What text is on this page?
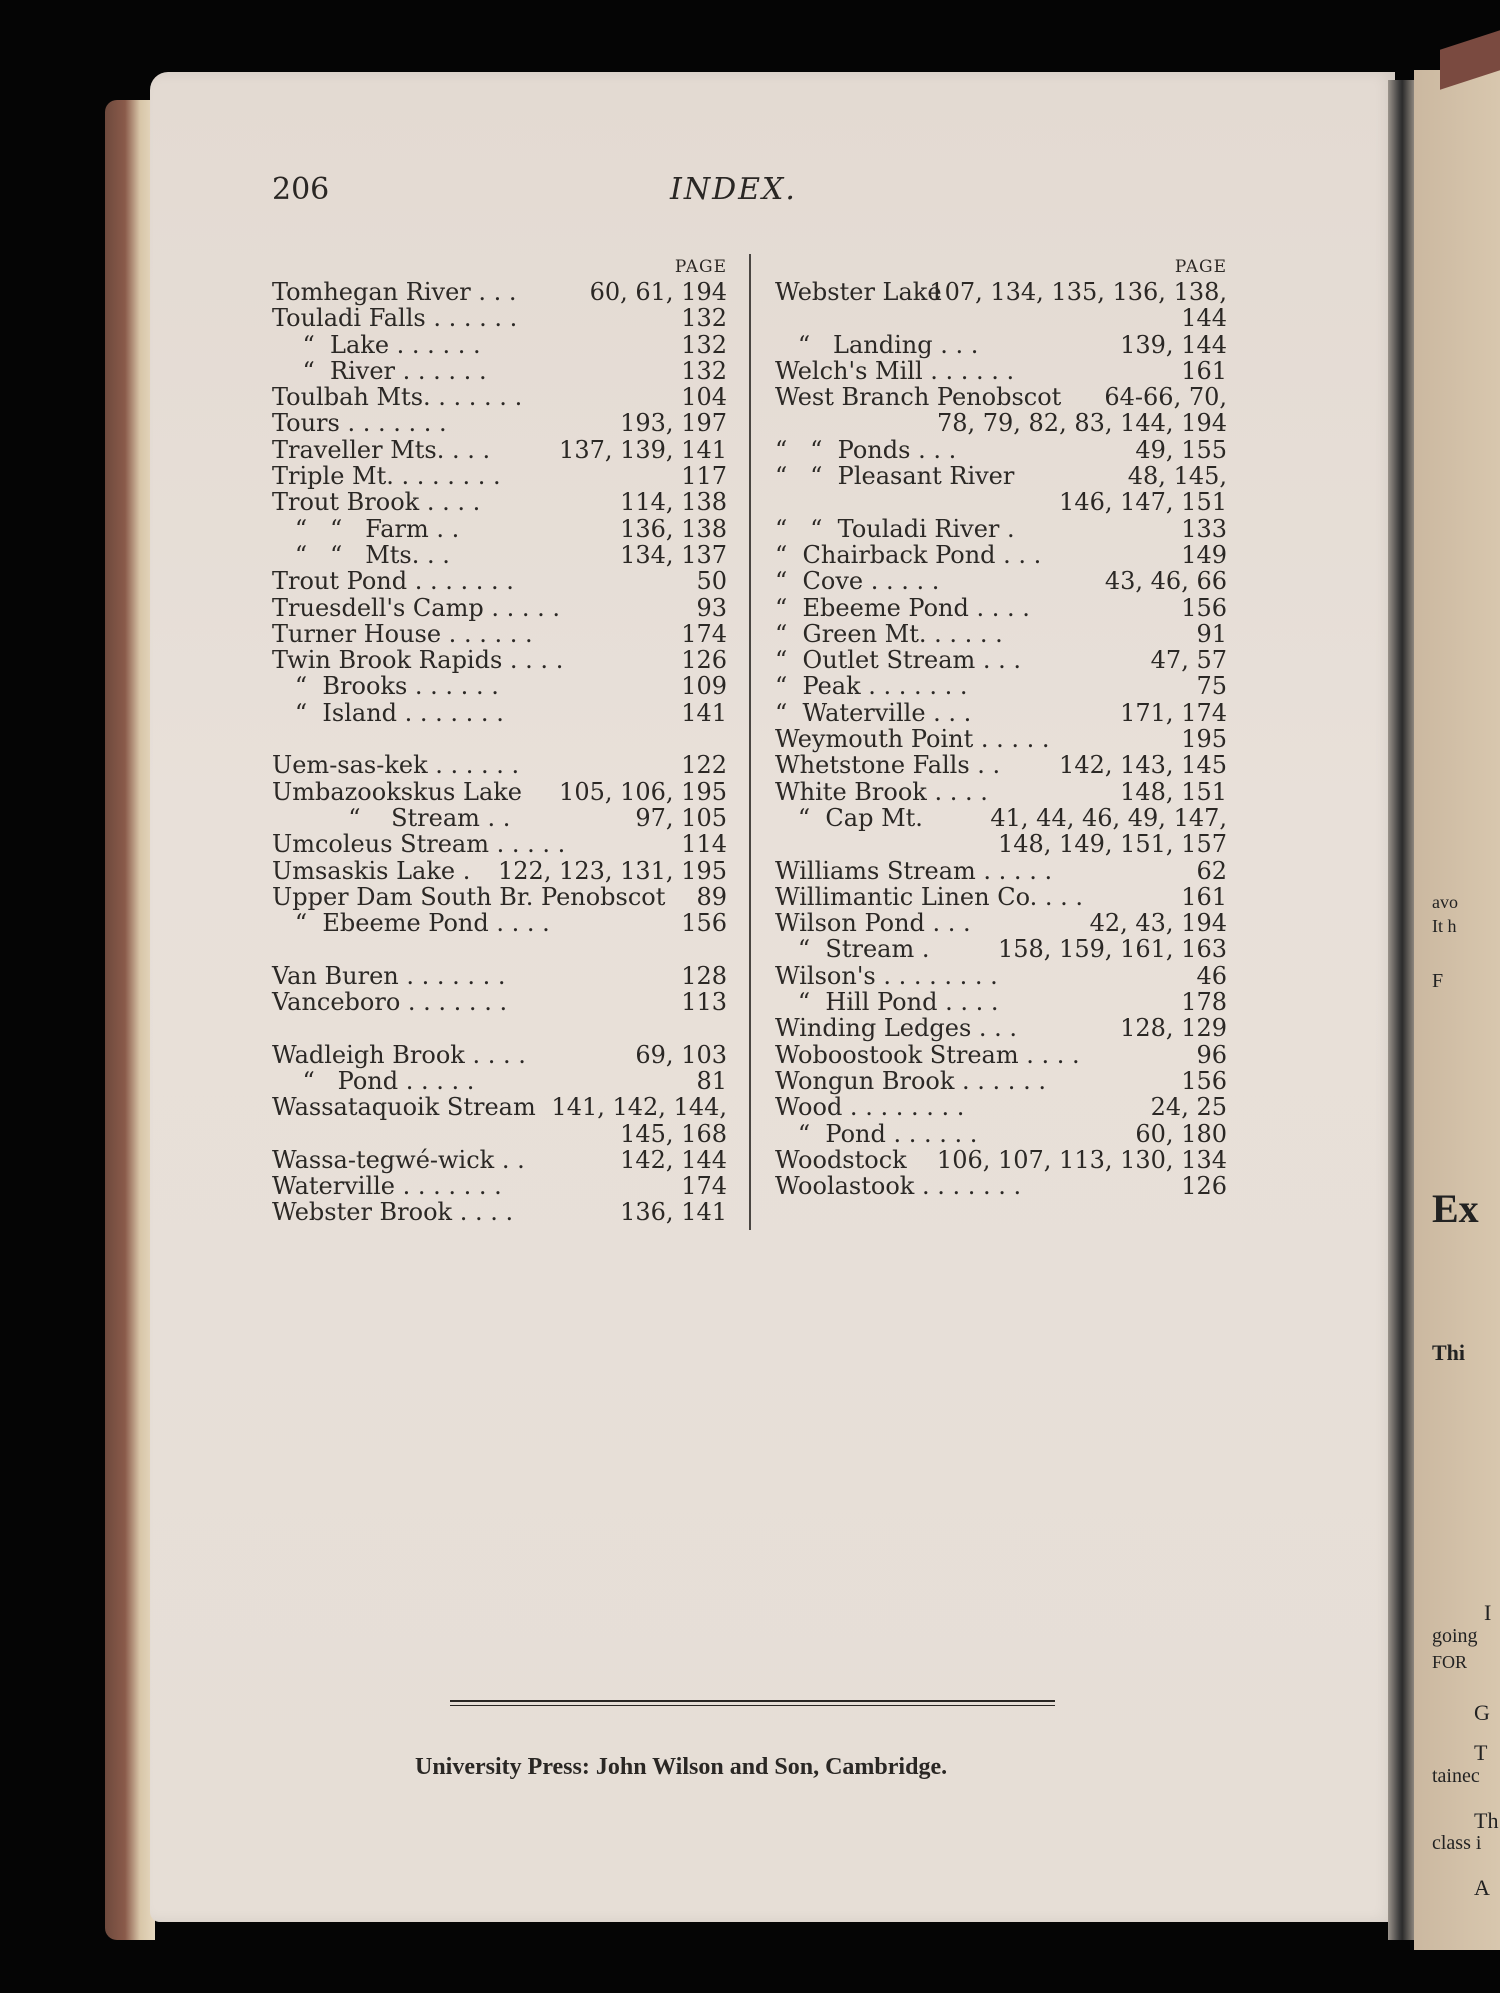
avo
It h
F
Ex
Thi
I
going
FOR
G
T
tainec
Th
class i
A
206	INDEX.
PAGE
Tomhegan River . . .	60, 61, 194
Touladi Falls . . . . . .	132
“  Lake . . . . . .	132
“  River . . . . . .	132
Toulbah Mts. . . . . . .	104
Tours . . . . . . .	193, 197
Traveller Mts. . . .	137, 139, 141
Triple Mt. . . . . . . .	117
Trout Brook . . . .	114, 138
“   “   Farm . .	136, 138
“   “   Mts. . .	134, 137
Trout Pond . . . . . . .	50
Truesdell's Camp . . . . .	93
Turner House . . . . . .	174
Twin Brook Rapids . . . .	126
“  Brooks . . . . . .	109
“  Island . . . . . . .	141
Uem-sas-kek . . . . . .	122
Umbazookskus Lake 105, 106, 195
“    Stream . .	97, 105
Umcoleus Stream . . . . .	114
Umsaskis Lake . 122, 123, 131, 195
Upper Dam South Br. Penobscot 89
“  Ebeeme Pond . . . .	156
Van Buren . . . . . . .	128
Vanceboro . . . . . . .	113
Wadleigh Brook . . . .	69, 103
“   Pond . . . . .	81
Wassataquoik Stream 141, 142, 144,
145, 168
Wassa-tegwé-wick . .	142, 144
Waterville . . . . . . .	174
Webster Brook . . . .	136, 141
PAGE
Webster Lake
107, 134, 135, 136, 138,
144
“   Landing . . .	139, 144
Welch's Mill . . . . . .	161
West Branch Penobscot 64-66, 70,
78, 79, 82, 83, 144, 194
“   “  Ponds . . .	49, 155
“   “  Pleasant River	48, 145,
146, 147, 151
“   “  Touladi River .	133
“  Chairback Pond . . .	149
“  Cove . . . . .	43, 46, 66
“  Ebeeme Pond . . . .	156
“  Green Mt. . . . . .	91
“  Outlet Stream . . .	47, 57
“  Peak . . . . . . .	75
“  Waterville . . .	171, 174
Weymouth Point . . . . .	195
Whetstone Falls . . 142, 143, 145
White Brook . . . .	148, 151
“  Cap Mt.	41, 44, 46, 49, 147,
148, 149, 151, 157
Williams Stream . . . . .	62
Willimantic Linen Co. . . .	161
Wilson Pond . . .	42, 43, 194
“  Stream .	158, 159, 161, 163
Wilson's . . . . . . . .	46
“  Hill Pond . . . .	178
Winding Ledges . . .	128, 129
Woboostook Stream . . . .	96
Wongun Brook . . . . . .	156
Wood . . . . . . . .	24, 25
“  Pond . . . . . .	60, 180
Woodstock 106, 107, 113, 130, 134
Woolastook . . . . . . .	126
University Press: John Wilson and Son, Cambridge.
